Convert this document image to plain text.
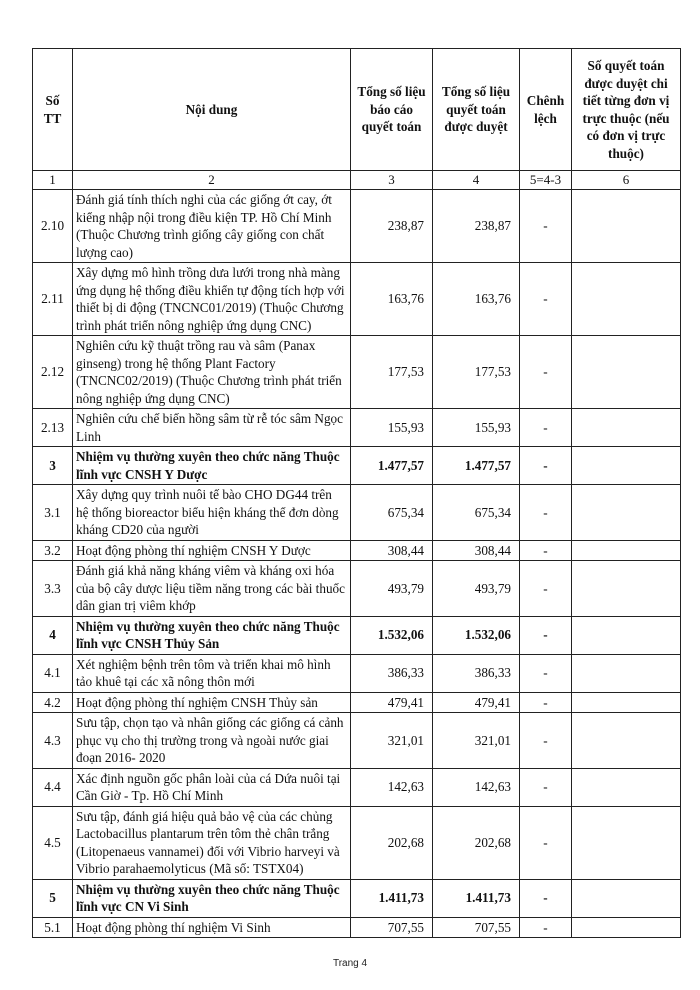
Số TT	Nội dung	Tổng số liệu báo cáo quyết toán	Tổng số liệu quyết toán được duyệt	Chênh lệch	Số quyết toán được duyệt chi tiết từng đơn vị trực thuộc (nếu có đơn vị trực thuộc)
1	2	3	4	5=4-3	6
2.10	Đánh giá tính thích nghi của các giống ớt cay, ớt kiểng nhập nội trong điều kiện TP. Hồ Chí Minh (Thuộc Chương trình giống cây giống con chất lượng cao)	238,87	238,87	-	
2.11	Xây dựng mô hình trồng dưa lưới trong nhà màng ứng dụng hệ thống điều khiển tự động tích hợp với thiết bị di động (TNCNC01/2019) (Thuộc Chương trình phát triển nông nghiệp ứng dụng CNC)	163,76	163,76	-	
2.12	Nghiên cứu kỹ thuật trồng rau và sâm (Panax ginseng) trong hệ thống Plant Factory (TNCNC02/2019) (Thuộc Chương trình phát triển nông nghiệp ứng dụng CNC)	177,53	177,53	-	
2.13	Nghiên cứu chế biến hồng sâm từ rễ tóc sâm Ngọc Linh	155,93	155,93	-	
3	Nhiệm vụ thường xuyên theo chức năng Thuộc lĩnh vực CNSH Y Dược	1.477,57	1.477,57	-	
3.1	Xây dựng quy trình nuôi tế bào CHO DG44 trên hệ thống bioreactor biểu hiện kháng thể đơn dòng kháng CD20 của người	675,34	675,34	-	
3.2	Hoạt động phòng thí nghiệm CNSH Y Dược	308,44	308,44	-	
3.3	Đánh giá khả năng kháng viêm và kháng oxi hóa của bộ cây dược liệu tiềm năng trong các bài thuốc dân gian trị viêm khớp	493,79	493,79	-	
4	Nhiệm vụ thường xuyên theo chức năng Thuộc lĩnh vực CNSH Thủy Sản	1.532,06	1.532,06	-	
4.1	Xét nghiệm bệnh trên tôm và triển khai mô hình tảo khuê tại các xã nông thôn mới	386,33	386,33	-	
4.2	Hoạt động phòng thí nghiệm CNSH Thủy sản	479,41	479,41	-	
4.3	Sưu tập, chọn tạo và nhân giống các giống cá cảnh phục vụ cho thị trường trong và ngoài nước giai đoạn 2016- 2020	321,01	321,01	-	
4.4	Xác định nguồn gốc phân loài của cá Dứa nuôi tại Cần Giờ - Tp. Hồ Chí Minh	142,63	142,63	-	
4.5	Sưu tập, đánh giá hiệu quả bảo vệ của các chủng Lactobacillus plantarum trên tôm thẻ chân trắng (Litopenaeus vannamei) đối với Vibrio harveyi và Vibrio parahaemolyticus (Mã số: TSTX04)	202,68	202,68	-	
5	Nhiệm vụ thường xuyên theo chức năng Thuộc lĩnh vực CN Vi Sinh	1.411,73	1.411,73	-	
5.1	Hoạt động phòng thí nghiệm Vi Sinh	707,55	707,55	-	
Trang 4
